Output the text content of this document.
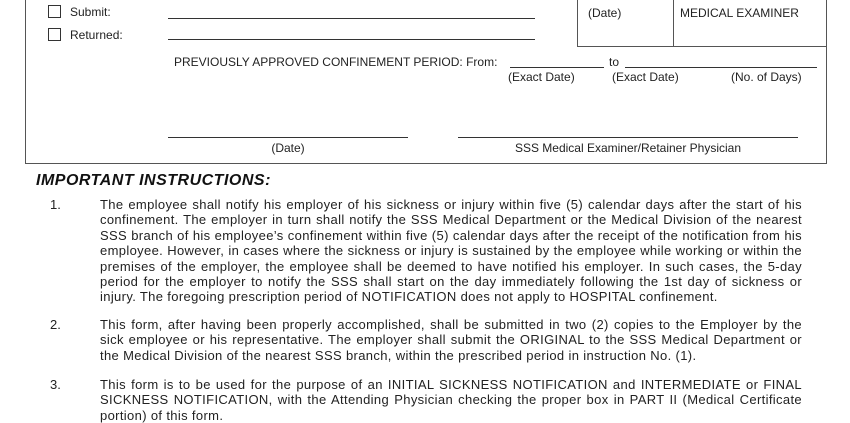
(Date)	MEDICAL EXAMINER
Submit:
Returned:
PREVIOUSLY APPROVED CONFINEMENT PERIOD: From:	to
(Exact Date)	(Exact Date)	(No. of Days)
(Date)	SSS Medical Examiner/Retainer Physician
IMPORTANT INSTRUCTIONS:
1.	The employee shall notify his employer of his sickness or injury within five (5) calendar days after the start of his confinement. The employer in turn shall notify the SSS Medical Department or the Medical Division of the nearest SSS branch of his employee’s confinement within five (5) calendar days after the receipt of the notification from his employee. However, in cases where the sickness or injury is sustained by the employee while working or within the premises of the employer, the employee shall be deemed to have notified his employer. In such cases, the 5-day period for the employer to notify the SSS shall start on the day immediately following the 1st day of sickness or injury. The foregoing prescription period of NOTIFICATION does not apply to HOSPITAL confinement.

2.	This form, after having been properly accomplished, shall be submitted in two (2) copies to the Employer by the sick employee or his representative. The employer shall submit the ORIGINAL to the SSS Medical Department or the Medical Division of the nearest SSS branch, within the prescribed period in instruction No. (1).

3.	This form is to be used for the purpose of an INITIAL SICKNESS NOTIFICATION and INTERMEDIATE or FINAL SICKNESS NOTIFICATION, with the Attending Physician checking the proper box in PART II (Medical Certificate portion) of this form.
